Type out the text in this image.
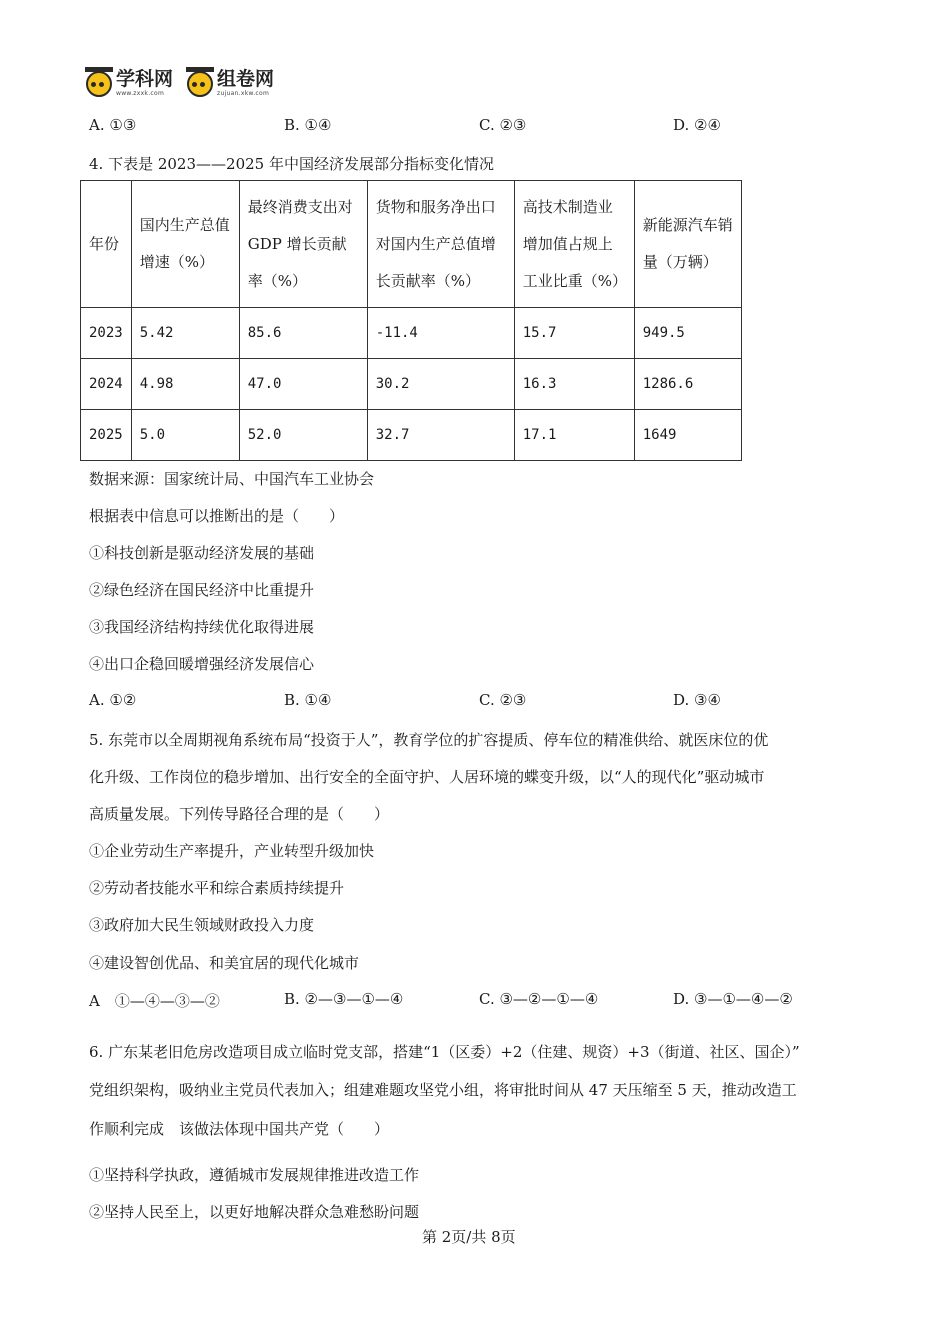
学科网
www.zxxk.com
组卷网
zujuan.xkw.com
A. ①③	B. ①④	C. ②③	D. ②④
4. 下表是 2023——2025 年中国经济发展部分指标变化情况
年份	国内生产总值增速（%）	最终消费支出对 GDP 增长贡献率（%）	货物和服务净出口对国内生产总值增长贡献率（%）	高技术制造业增加值占规上工业比重（%）	新能源汽车销量（万辆）
2023	5.42	85.6	-11.4	15.7	949.5
2024	4.98	47.0	30.2	16.3	1286.6
2025	5.0	52.0	32.7	17.1	1649
数据来源：国家统计局、中国汽车工业协会
根据表中信息可以推断出的是（　　）
①科技创新是驱动经济发展的基础
②绿色经济在国民经济中比重提升
③我国经济结构持续优化取得进展
④出口企稳回暖增强经济发展信心
A. ①②	B. ①④	C. ②③	D. ③④
5. 东莞市以全周期视角系统布局“投资于人”，教育学位的扩容提质、停车位的精准供给、就医床位的优
化升级、工作岗位的稳步增加、出行安全的全面守护、人居环境的蝶变升级，以“人的现代化”驱动城市
高质量发展。下列传导路径合理的是（　　）
①企业劳动生产率提升，产业转型升级加快
②劳动者技能水平和综合素质持续提升
③政府加大民生领域财政投入力度
④建设智创优品、和美宜居的现代化城市
A　①—④—③—②	B. ②—③—①—④	C. ③—②—①—④	D. ③—①—④—②
6. 广东某老旧危房改造项目成立临时党支部，搭建“1（区委）+2（住建、规资）+3（街道、社区、国企）”
党组织架构，吸纳业主党员代表加入；组建难题攻坚党小组，将审批时间从 47 天压缩至 5 天，推动改造工
作顺利完成　该做法体现中国共产党（　　）
①坚持科学执政，遵循城市发展规律推进改造工作
②坚持人民至上，以更好地解决群众急难愁盼问题
第 2页/共 8页
